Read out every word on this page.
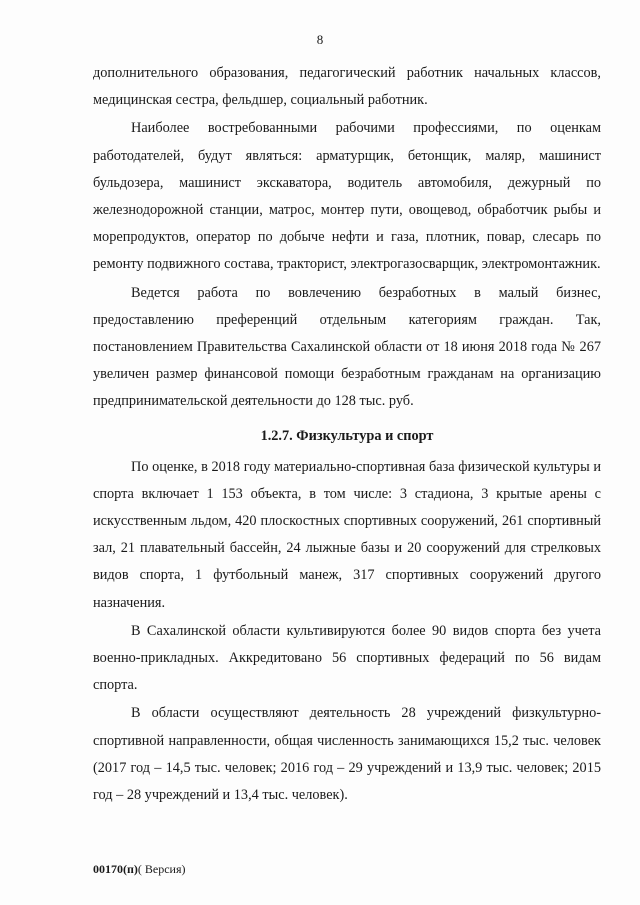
8

дополнительного образования, педагогический работник начальных классов, медицинская сестра, фельдшер, социальный работник.

Наиболее востребованными рабочими профессиями, по оценкам работодателей, будут являться: арматурщик, бетонщик, маляр, машинист бульдозера, машинист экскаватора, водитель автомобиля, дежурный по железнодорожной станции, матрос, монтер пути, овощевод, обработчик рыбы и морепродуктов, оператор по добыче нефти и газа, плотник, повар, слесарь по ремонту подвижного состава, тракторист, электрогазосварщик, электромонтажник.

Ведется работа по вовлечению безработных в малый бизнес, предоставлению преференций отдельным категориям граждан. Так, постановлением Правительства Сахалинской области от 18 июня 2018 года № 267 увеличен размер финансовой помощи безработным гражданам на организацию предпринимательской деятельности до 128 тыс. руб.

1.2.7. Физкультура и спорт

По оценке, в 2018 году материально-спортивная база физической культуры и спорта включает 1 153 объекта, в том числе: 3 стадиона, 3 крытые арены с искусственным льдом, 420 плоскостных спортивных сооружений, 261 спортивный зал, 21 плавательный бассейн, 24 лыжные базы и 20 сооружений для стрелковых видов спорта, 1 футбольный манеж, 317 спортивных сооружений другого назначения.

В Сахалинской области культивируются более 90 видов спорта без учета военно-прикладных. Аккредитовано 56 спортивных федераций по 56 видам спорта.

В области осуществляют деятельность 28 учреждений физкультурно-спортивной направленности, общая численность занимающихся 15,2 тыс. человек (2017 год – 14,5 тыс. человек; 2016 год – 29 учреждений и 13,9 тыс. человек; 2015 год – 28 учреждений и 13,4 тыс. человек).

00170(п)( Версия)
